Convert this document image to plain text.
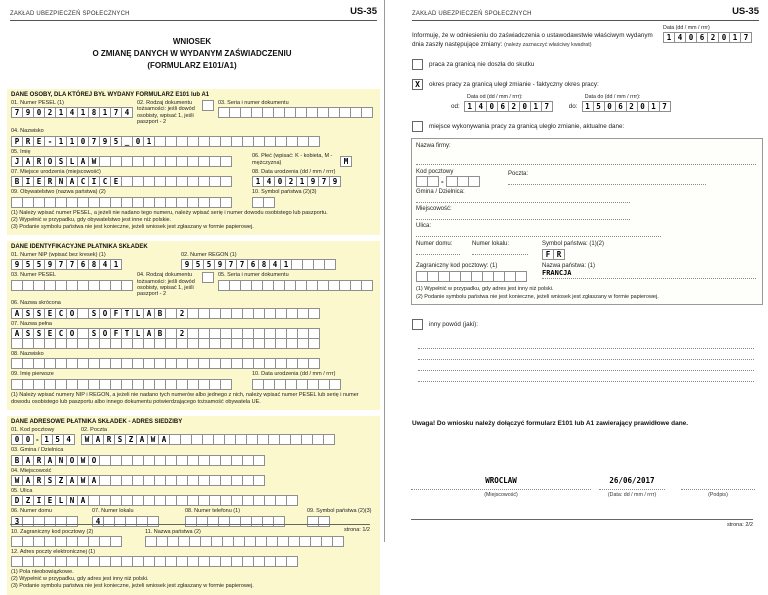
ZAKŁAD UBEZPIECZEŃ SPOŁECZNYCH	US-35
WNIOSEK
O ZMIANĘ DANYCH W WYDANYM ZAŚWIADCZENIU
(FORMULARZ E101/A1)
DANE OSOBY, DLA KTÓREJ BYŁ WYDANY FORMULARZ E101 lub A1
01. Numer PESEL (1)
7 9 0 2 1 4 1 8 1 7 4
02. Rodzaj dokumentu tożsamości: jeśli dowód osobisty, wpisać 1, jeśli paszport - 2
03. Seria i numer dokumentu
04. Nazwisko
P R E - 1 1 0 7 9 5 _ 0 1
05. Imię
J A R O S L A W
06. Płeć (wpisać: K - kobieta, M - mężczyzna)	M
07. Miejsce urodzenia (miejscowość)
B I E R N A C I C E
08. Data urodzenia (dd / mm / rrrr)
1 4 0 2 1 9 7 9
09. Obywatelstwo (nazwa państwa) (2)	10. Symbol państwa (2)(3)
(1) Należy wpisać numer PESEL, a jeżeli nie nadano tego numeru, należy wpisać serię i numer dowodu osobistego lub paszportu.
(2) Wypełnić w przypadku, gdy obywatelstwo jest inne niż polskie.
(3) Podanie symbolu państwa nie jest konieczne, jeżeli wniosek jest zgłaszany w formie papierowej.
DANE IDENTYFIKACYJNE PŁATNIKA SKŁADEK
01. Numer NIP (wpisać bez kresek) (1)
9 5 5 9 7 7 6 8 4 1
02. Numer REGON (1)
9 5 5 9 7 7 6 8 4 1
03. Numer PESEL	04. Rodzaj dokumentu tożsamości: jeśli dowód osobisty, wpisać 1, jeśli paszport - 2
05. Seria i numer dokumentu
06. Nazwa skrócona
A S S E C O	S O F T L A B	2
07. Nazwa pełna
A S S E C O	S O F T L A B	2
08. Nazwisko
09. Imię pierwsze	10. Data urodzenia (dd / mm / rrrr)
(1) Należy wpisać numery NIP i REGON, a jeżeli nie nadano tych numerów albo jednego z nich, należy wpisać numer PESEL lub serię i numer dowodu osobistego lub paszportu albo innego dokumentu potwierdzającego tożsamość obywatela UE.
DANE ADRESOWE PŁATNIKA SKŁADEK - ADRES SIEDZIBY
01. Kod pocztowy
0 0 - 1 5 4
02. Poczta
W A R S Z A W A
03. Gmina / Dzielnica
B A R A N O W O
04. Miejscowość
W A R S Z A W A
05. Ulica
D Z I E L N A
06. Numer domu
3
07. Numer lokalu
4
08. Numer telefonu (1)	09. Symbol państwa (2)(3)
10. Zagraniczny kod pocztowy (2)	11. Nazwa państwa (2)
12. Adres poczty elektronicznej (1)
(1) Pola nieobowiązkowe.
(2) Wypełnić w przypadku, gdy adres jest inny niż polski.
(3) Podanie symbolu państwa nie jest konieczne, jeżeli wniosek jest zgłaszany w formie papierowej.
strona: 1/2
ZAKŁAD UBEZPIECZEŃ SPOŁECZNYCH	US-35
Informuję, że w odniesieniu do zaświadczenia o ustawodawstwie właściwym wydanym dnia zaszły następujące zmiany: (należy zaznaczyć właściwy kwadrat)
Data (dd / mm / rrrr)
1 4 0 6 2 0 1 7
praca za granicą nie doszła do skutku
X	okres pracy za granicą uległ zmianie - faktyczny okres pracy:
Data od (dd / mm / rrrr):
od:	1 4 0 6 2 0 1 7
Data do (dd / mm / rrrr):
do:	1 5 0 6 2 0 1 7
miejsce wykonywania pracy za granicą uległo zmianie, aktualne dane:
Nazwa firmy:
Kod pocztowy
-
Poczta:
Gmina / Dzielnica:
Miejscowość:
Ulica:
Numer domu:	Numer lokalu:	Symbol państwa: (1)(2)
F R
Zagraniczny kod pocztowy: (1)	Nazwa państwa: (1)
FRANCJA
(1) Wypełnić w przypadku, gdy adres jest inny niż polski.
(2) Podanie symbolu państwa nie jest konieczne, jeżeli wniosek jest zgłaszany w formie papierowej.
inny powód (jaki):
Uwaga! Do wniosku należy dołączyć formularz E101 lub A1 zawierający prawidłowe dane.
WROCLAW
(Miejscowość)
26/06/2017
(Data: dd / mm / rrrr)	(Podpis)
strona: 2/2
